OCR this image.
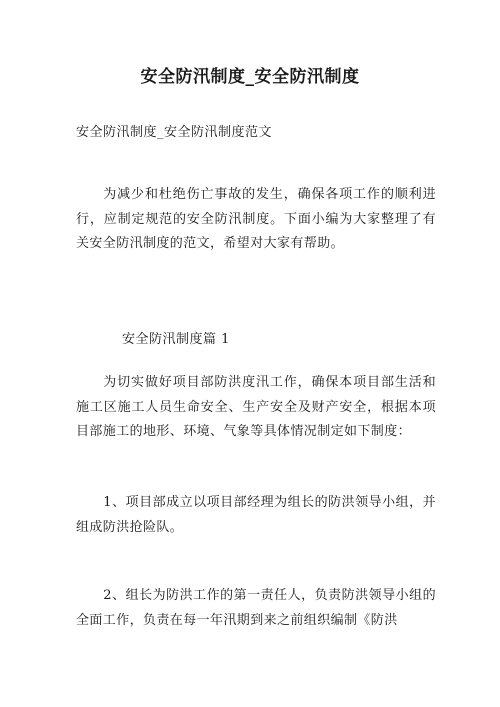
安全防汛制度_安全防汛制度
安全防汛制度_安全防汛制度范文

为减少和杜绝伤亡事故的发生，确保各项工作的顺利进行，应制定规范的安全防汛制度。下面小编为大家整理了有关安全防汛制度的范文，希望对大家有帮助。

安全防汛制度篇 1

为切实做好项目部防洪度汛工作，确保本项目部生活和施工区施工人员生命安全、生产安全及财产安全，根据本项目部施工的地形、环境、气象等具体情况制定如下制度：

1、项目部成立以项目部经理为组长的防洪领导小组，并组成防洪抢险队。

2、组长为防洪工作的第一责任人，负责防洪领导小组的全面工作，负责在每一年汛期到来之前组织编制《防洪
